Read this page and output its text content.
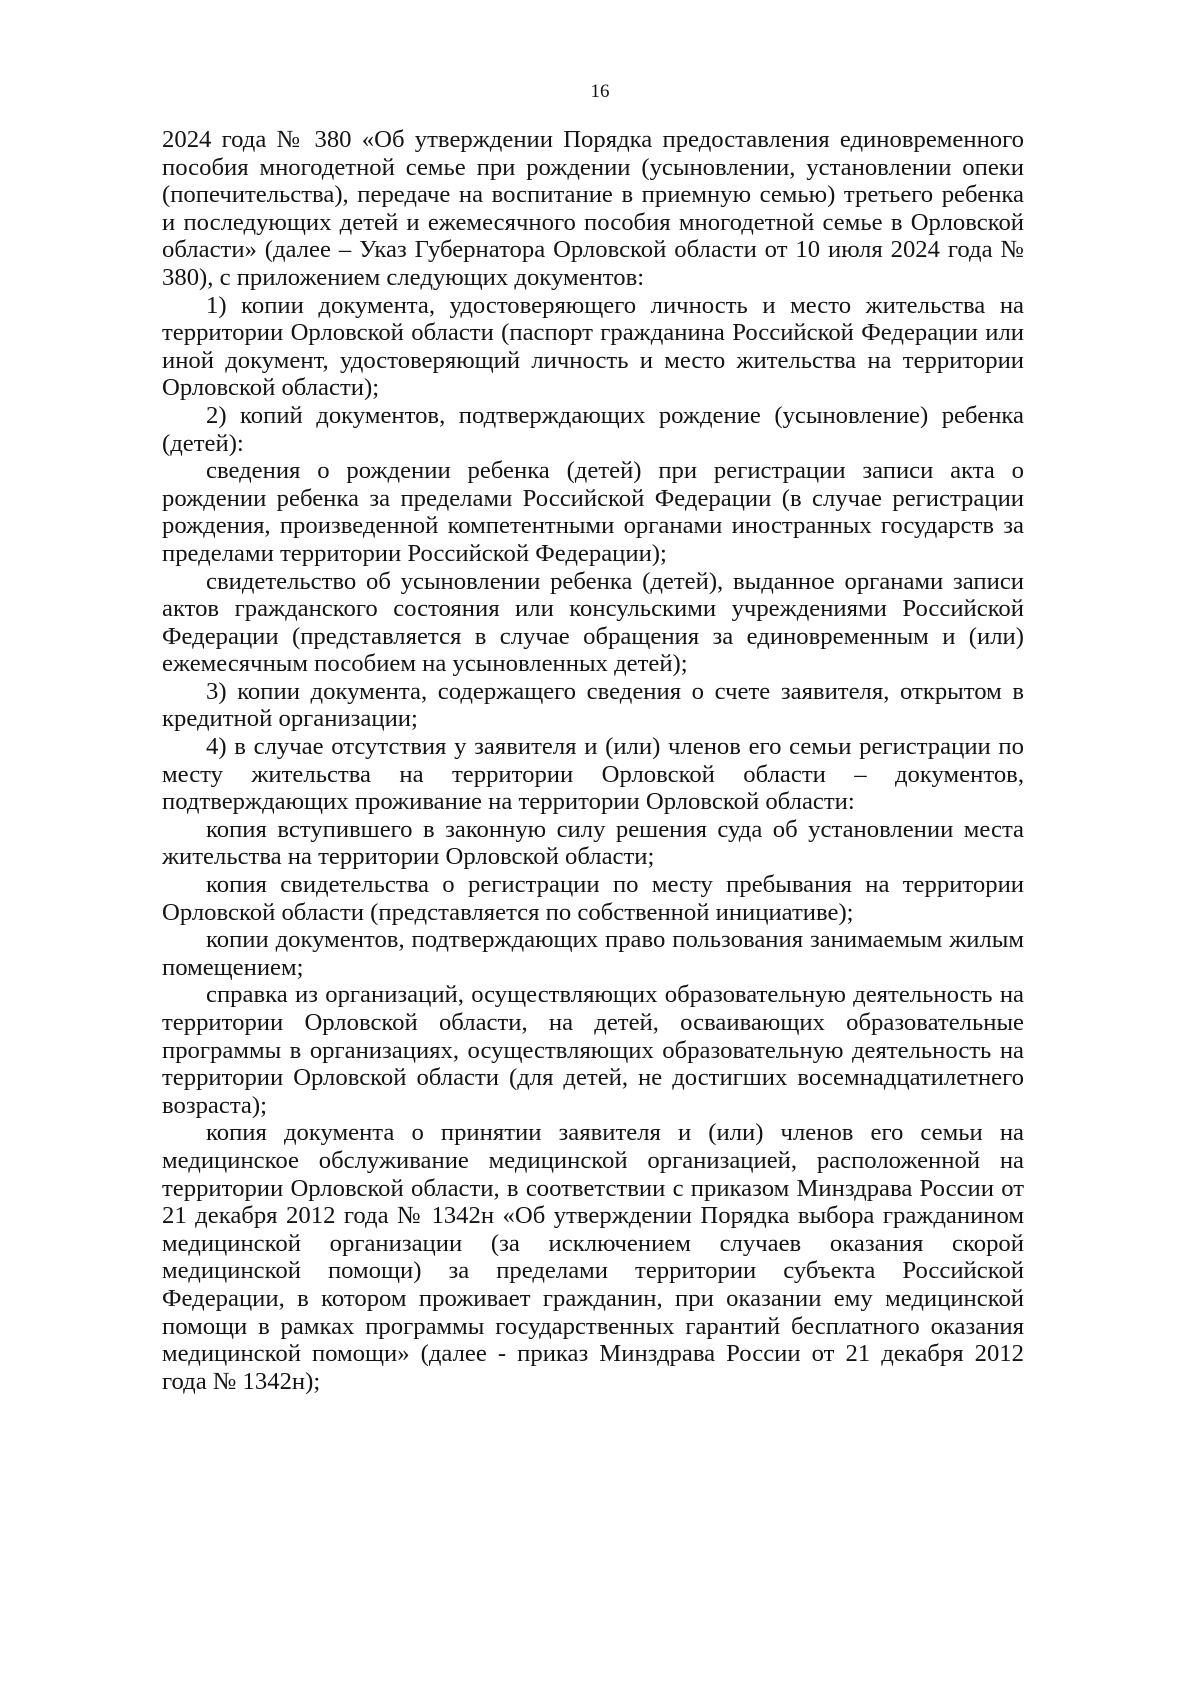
16

2024 года № 380 «Об утверждении Порядка предоставления единовременного пособия многодетной семье при рождении (усыновлении, установлении опеки (попечительства), передаче на воспитание в приемную семью) третьего ребенка и последующих детей и ежемесячного пособия многодетной семье в Орловской области» (далее – Указ Губернатора Орловской области от 10 июля 2024 года № 380), с приложением следующих документов:

1) копии документа, удостоверяющего личность и место жительства на территории Орловской области (паспорт гражданина Российской Федерации или иной документ, удостоверяющий личность и место жительства на территории Орловской области);

2) копий документов, подтверждающих рождение (усыновление) ребенка (детей):

сведения о рождении ребенка (детей) при регистрации записи акта о рождении ребенка за пределами Российской Федерации (в случае регистрации рождения, произведенной компетентными органами иностранных государств за пределами территории Российской Федерации);

свидетельство об усыновлении ребенка (детей), выданное органами записи актов гражданского состояния или консульскими учреждениями Российской Федерации (представляется в случае обращения за единовременным и (или) ежемесячным пособием на усыновленных детей);

3) копии документа, содержащего сведения о счете заявителя, открытом в кредитной организации;

4) в случае отсутствия у заявителя и (или) членов его семьи регистрации по месту жительства на территории Орловской области – документов, подтверждающих проживание на территории Орловской области:

копия вступившего в законную силу решения суда об установлении места жительства на территории Орловской области;

копия свидетельства о регистрации по месту пребывания на территории Орловской области (представляется по собственной инициативе);

копии документов, подтверждающих право пользования занимаемым жилым помещением;

справка из организаций, осуществляющих образовательную деятельность на территории Орловской области, на детей, осваивающих образовательные программы в организациях, осуществляющих образовательную деятельность на территории Орловской области (для детей, не достигших восемнадцатилетнего возраста);

копия документа о принятии заявителя и (или) членов его семьи на медицинское обслуживание медицинской организацией, расположенной на территории Орловской области, в соответствии с приказом Минздрава России от 21 декабря 2012 года № 1342н «Об утверждении Порядка выбора гражданином медицинской организации (за исключением случаев оказания скорой медицинской помощи) за пределами территории субъекта Российской Федерации, в котором проживает гражданин, при оказании ему медицинской помощи в рамках программы государственных гарантий бесплатного оказания медицинской помощи» (далее - приказ Минздрава России от 21 декабря 2012 года № 1342н);
